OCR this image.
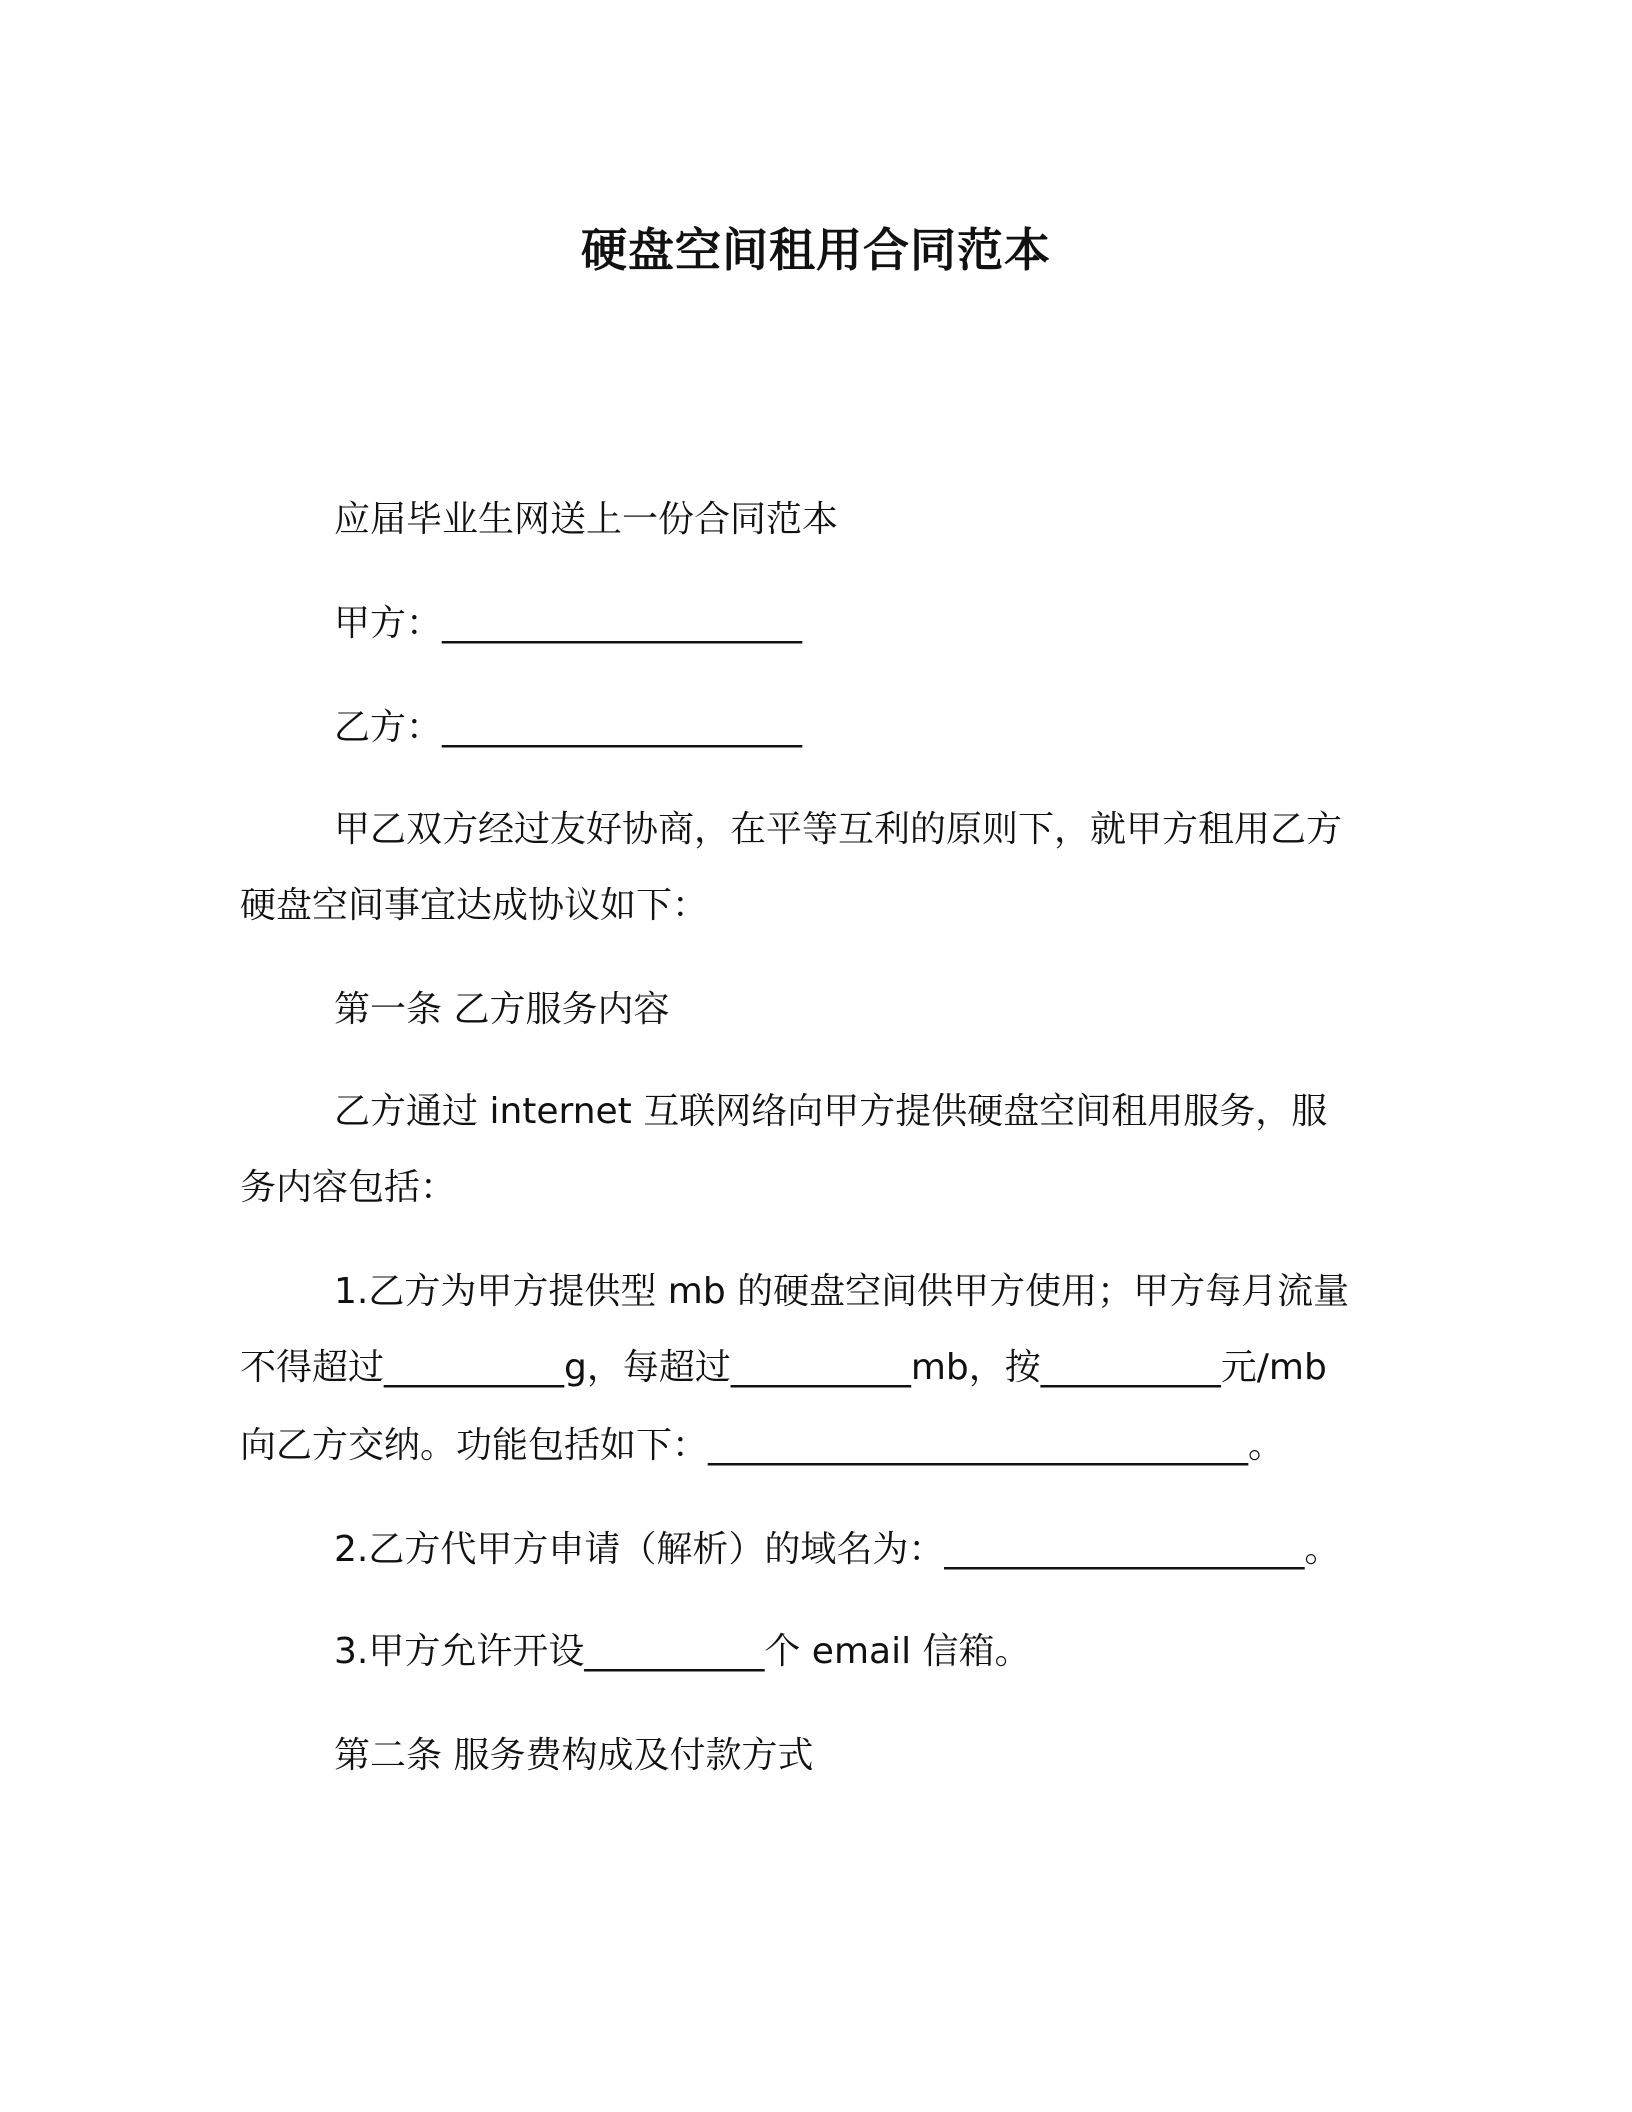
硬盘空间租用合同范本
应届毕业生网送上一份合同范本
甲方：____________________
乙方：____________________
甲乙双方经过友好协商，在平等互利的原则下，就甲方租用乙方
硬盘空间事宜达成协议如下：
第一条 乙方服务内容
乙方通过 internet 互联网络向甲方提供硬盘空间租用服务，服
务内容包括：
1.乙方为甲方提供型 mb 的硬盘空间供甲方使用；甲方每月流量
不得超过__________g，每超过__________mb，按__________元/mb
向乙方交纳。功能包括如下：______________________________。
2.乙方代甲方申请（解析）的域名为：____________________。
3.甲方允许开设__________个 email 信箱。
第二条 服务费构成及付款方式
